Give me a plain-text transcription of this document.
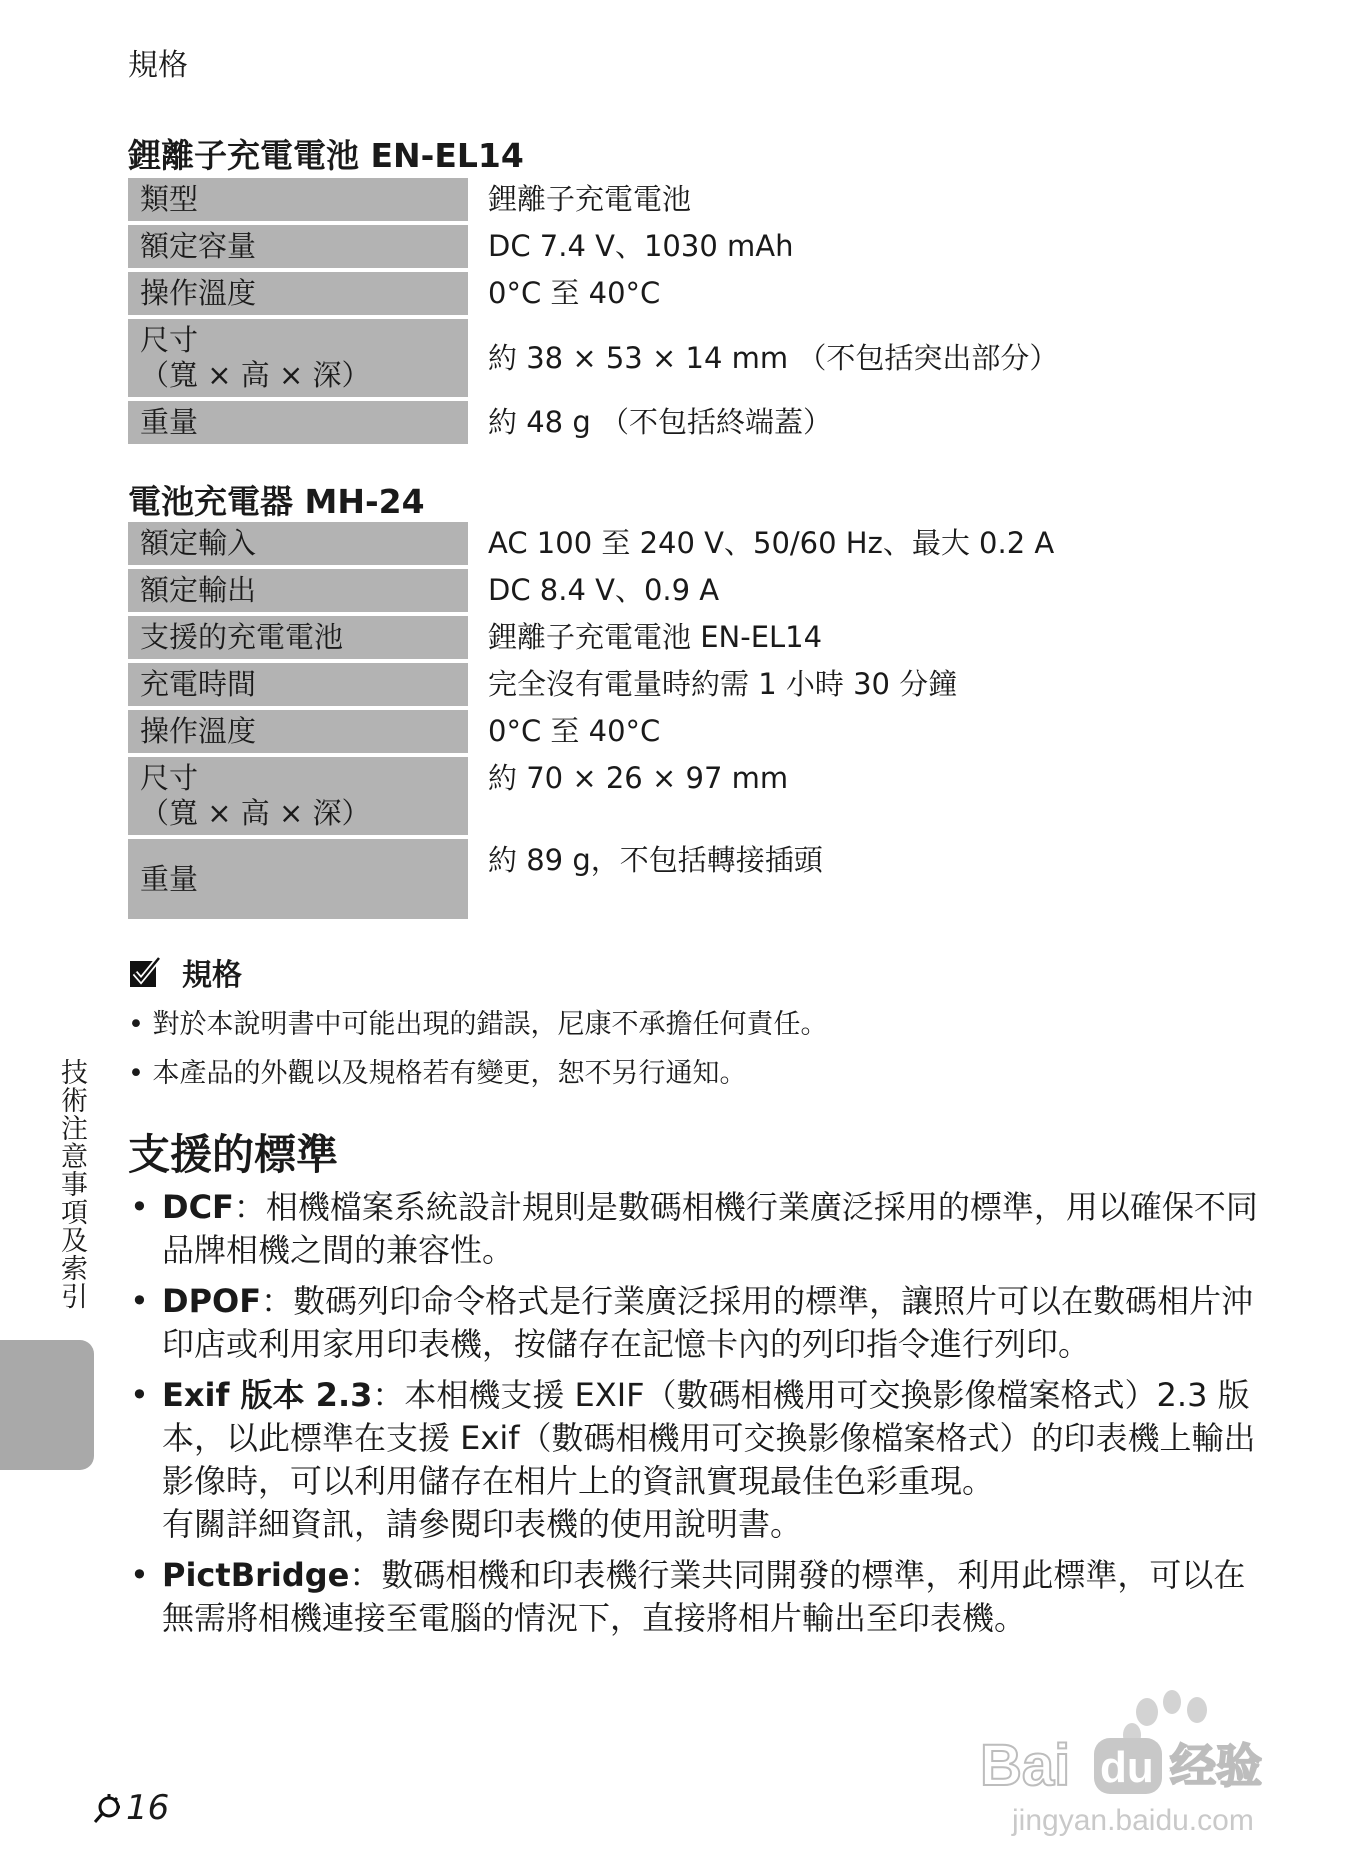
規格
鋰離子充電電池 EN-EL14
類型	鋰離子充電電池
額定容量	DC 7.4 V、1030 mAh
操作溫度	0°C 至 40°C

尺寸
（寬 × 高 × 深）	約 38 × 53 × 14 mm （不包括突出部分）
重量	約 48 g （不包括終端蓋）
電池充電器 MH-24
額定輸入	AC 100 至 240 V、50/60 Hz、最大 0.2 A
額定輸出	DC 8.4 V、0.9 A
支援的充電電池	鋰離子充電電池 EN-EL14
充電時間	完全沒有電量時約需 1 小時 30 分鐘
操作溫度	0°C 至 40°C

尺寸
（寬 × 高 × 深）	約 70 × 26 × 97 mm
重量	約 89 g，不包括轉接插頭
規格
• 對於本說明書中可能出現的錯誤，尼康不承擔任何責任。
• 本產品的外觀以及規格若有變更，恕不另行通知。
技術注意事項及索引 支援的標準
• DCF：相機檔案系統設計規則是數碼相機行業廣泛採用的標準，用以確保不同品牌相機之間的兼容性。
• DPOF：數碼列印命令格式是行業廣泛採用的標準，讓照片可以在數碼相片沖印店或利用家用印表機，按儲存在記憶卡內的列印指令進行列印。
• Exif 版本 2.3：本相機支援 EXIF（數碼相機用可交換影像檔案格式）2.3 版本，以此標準在支援 Exif（數碼相機用可交換影像檔案格式）的印表機上輸出影像時，可以利用儲存在相片上的資訊實現最佳色彩重現。
有關詳細資訊，請參閱印表機的使用說明書。
• PictBridge：數碼相機和印表機行業共同開發的標準，利用此標準，可以在無需將相機連接至電腦的情況下，直接將相片輸出至印表機。
16
Bai du 经验
jingyan.baidu.com
